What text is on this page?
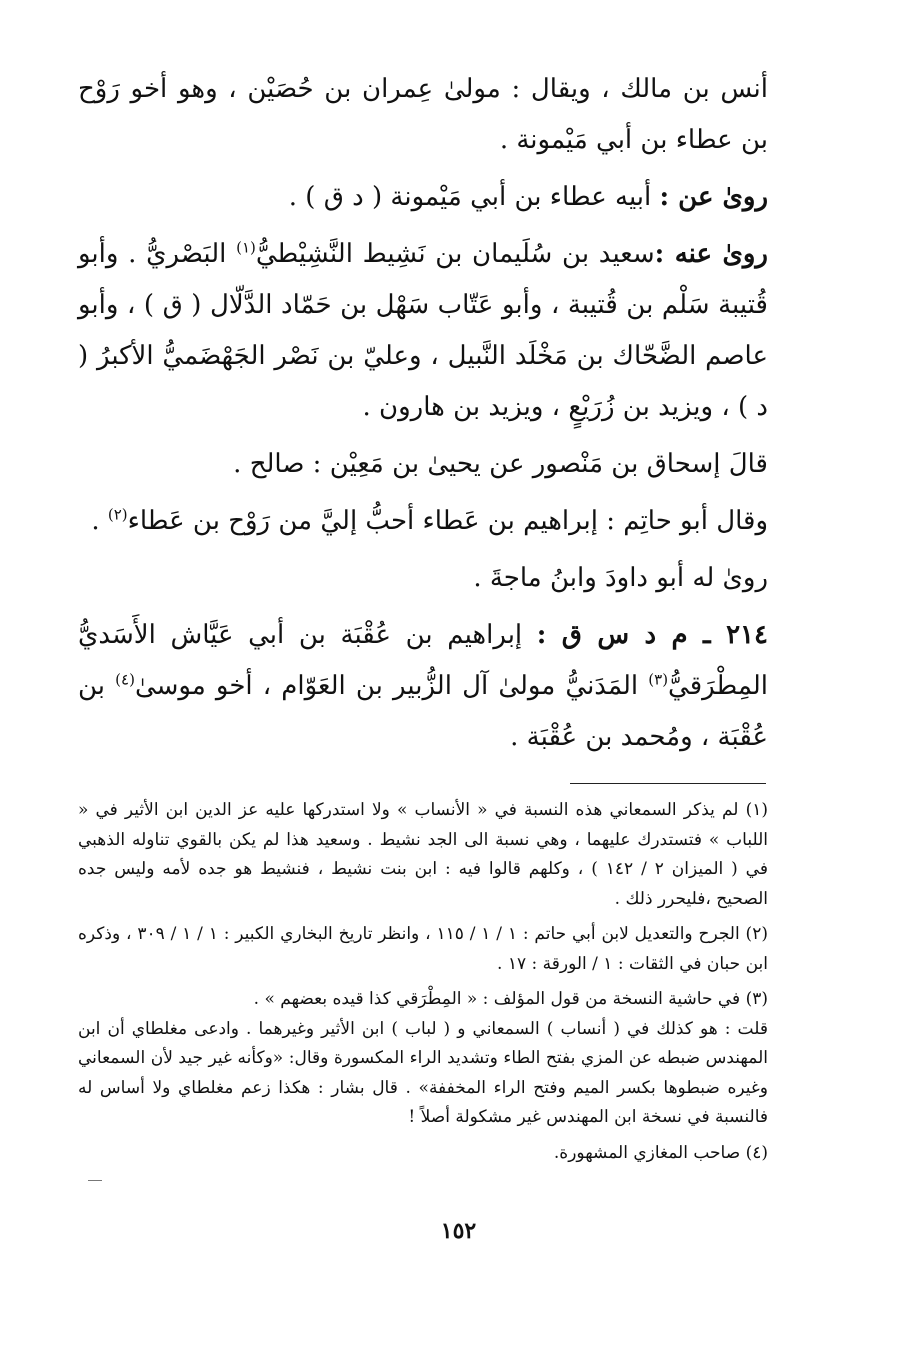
أنس بن مالك ، ويقال : مولىٰ عِمران بن حُصَيْن ، وهو أخو رَوْح بن عطاء بن أبي مَيْمونة .

روىٰ عن : أبيه عطاء بن أبي مَيْمونة ( د ق ) .

روىٰ عنه :سعيد بن سُلَيمان بن نَشِيط النَّشِيْطيُّ$^{(١)}$ البَصْريُّ . وأبو قُتيبة سَلْم بن قُتيبة ، وأبو عَتّاب سَهْل بن حَمّاد الدَّلّال ( ق ) ، وأبو عاصم الضَّحّاك بن مَخْلَد النَّبيل ، وعليّ بن نَصْر الجَهْضَميُّ الأكبرُ ( د ) ، ويزيد بن زُرَيْعٍ ، ويزيد بن هارون .

قالَ إسحاق بن مَنْصور عن يحيىٰ بن مَعِيْن : صالح .

وقال أبو حاتِم : إبراهيم بن عَطاء أحبُّ إليَّ من رَوْح بن عَطاء$^{(٢)}$ .

روىٰ له أبو داودَ وابنُ ماجةَ .

٢١٤ ـ م د س ق : إبراهيم بن عُقْبَة بن أبي عَيَّاش الأَسَديُّ المِطْرَقيُّ$^{(٣)}$ المَدَنيُّ مولىٰ آل الزُّبير بن العَوّام ، أخو موسىٰ$^{(٤)}$ بن عُقْبَة ، ومُحمد بن عُقْبَة .

(١) لم يذكر السمعاني هذه النسبة في « الأنساب » ولا استدركها عليه عز الدين ابن الأثير في « اللباب » فتستدرك عليهما ، وهي نسبة الى الجد نشيط . وسعيد هذا لم يكن بالقوي تناوله الذهبي في ( الميزان ٢ / ١٤٢ ) ، وكلهم قالوا فيه : ابن بنت نشيط ، فنشيط هو جده لأمه وليس جده الصحيح ،فليحرر ذلك .

(٢) الجرح والتعديل لابن أبي حاتم : ١ / ١ / ١١٥ ، وانظر تاريخ البخاري الكبير : ١ / ١ / ٣٠٩ ، وذكره ابن حبان في الثقات : ١ / الورقة : ١٧ .

(٣) في حاشية النسخة من قول المؤلف : « المِطْرَقي كذا قيده بعضهم » .

قلت : هو كذلك في ( أنساب ) السمعاني و ( لباب ) ابن الأثير وغيرهما . وادعى مغلطاي أن ابن المهندس ضبطه عن المزي بفتح الطاء وتشديد الراء المكسورة وقال: «وكأنه غير جيد لأن السمعاني وغيره ضبطوها بكسر الميم وفتح الراء المخففة» . قال بشار : هكذا زعم مغلطاي ولا أساس له فالنسبة في نسخة ابن المهندس غير مشكولة أصلاً !

(٤) صاحب المغازي المشهورة.

١٥٢
